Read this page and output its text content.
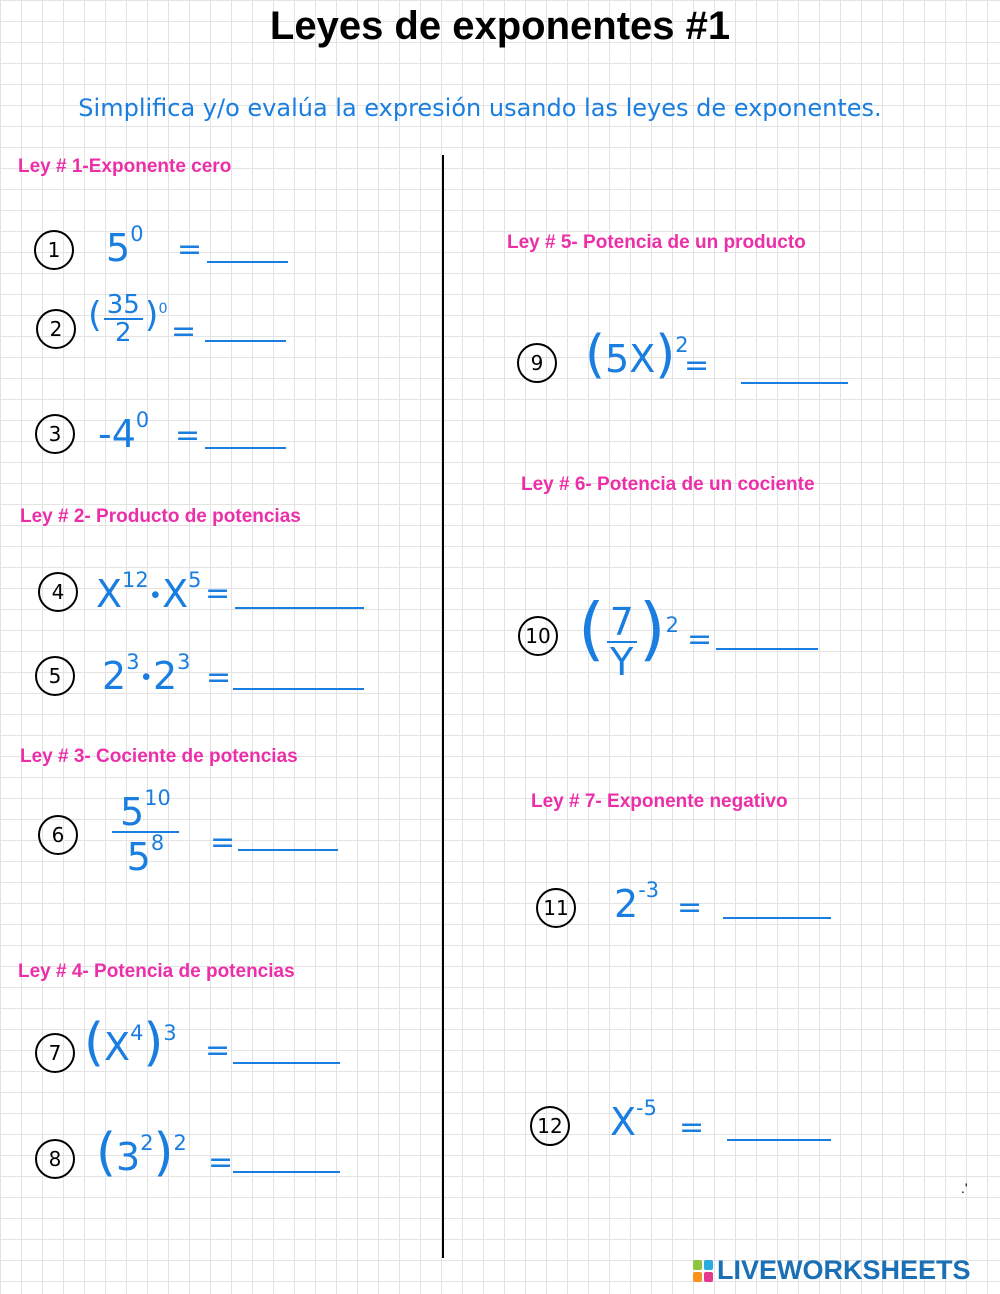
Leyes de exponentes #1
Simplifica y/o evalúa la expresión usando las leyes de exponentes.
Ley # 1-Exponente cero
Ley # 2- Producto de potencias
Ley # 3- Cociente de potencias
Ley # 4- Potencia de potencias
Ley # 5- Potencia de un producto
Ley # 6- Potencia de un cociente
Ley # 7- Exponente negativo
1	$5^0$ =
2 ( $\frac{35}{2} )^0$
=
3 $-4^0$ =
4 $X^{12}•X^5$ =
5	$2^3•2^3$ =
6	$\frac{5^{10}}{5^8}$ =
7 $(X^4)^3$ =
8 $(3^2)^2$
=
9 $(5X)^2$
=
10 ( $\frac{7}{Y} )^2$ =
11 $2^{-3}$ =
12 $X^{-5}$
=
.'
LIVEWORKSHEETS
